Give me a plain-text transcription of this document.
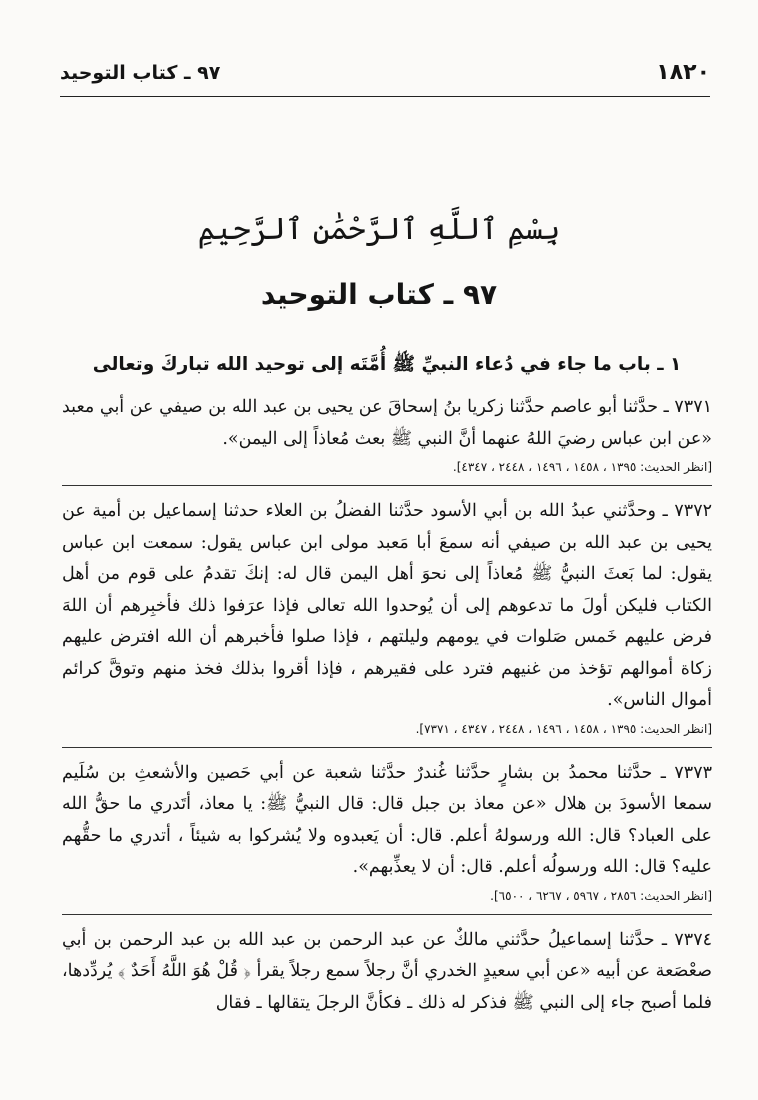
١٨٢٠
٩٧ ـ كتاب التوحيد
بِسْمِ ٱللَّهِ ٱلرَّحْمَٰنِ ٱلرَّحِيمِ
٩٧ ـ كتاب التوحيد
١ ـ باب ما جاء في دُعاء النبيِّ ﷺ أُمَّتَه إلى توحيد الله تباركَ وتعالى

٧٣٧١ ـ حدَّثنا أبو عاصم حدَّثنا زكريا بنُ إسحاقَ عن يحيى بن عبد الله بن صيفي عن أبي معبد «عن ابن عباس رضيَ اللهُ عنهما أنَّ النبي ﷺ بعث مُعاذاً إلى اليمن».

[انظر الحديث: ١٣٩٥ ، ١٤٥٨ ، ١٤٩٦ ، ٢٤٤٨ ، ٤٣٤٧].

٧٣٧٢ ـ وحدَّثني عبدُ الله بن أبي الأسود حدَّثنا الفضلُ بن العلاء حدثنا إسماعيل بن أمية عن يحيى بن عبد الله بن صيفي أنه سمعَ أبا مَعبد مولى ابن عباس يقول: سمعت ابن عباس يقول: لما بَعثَ النبيُّ ﷺ مُعاذاً إلى نحوَ أهل اليمن قال له: إنكَ تقدمُ على قوم من أهل الكتاب فليكن أولَ ما تدعوهم إلى أن يُوحدوا الله تعالى فإذا عرَفوا ذلك فأخبِرهم أن اللهَ فرض عليهم خَمس صَلوات في يومهم وليلتهم ، فإذا صلوا فأخبرهم أن الله افترض عليهم زكاة أموالهم تؤخذ من غنيهم فترد على فقيرهم ، فإذا أقروا بذلك فخذ منهم وتوقَّ كرائم أموال الناس».

[انظر الحديث: ١٣٩٥ ، ١٤٥٨ ، ١٤٩٦ ، ٢٤٤٨ ، ٤٣٤٧ ، ٧٣٧١].

٧٣٧٣ ـ حدَّثنا محمدُ بن بشارٍ حدَّثنا غُندرٌ حدَّثنا شعبة عن أبي حَصين والأشعثِ بن سُلَيم سمعا الأسودَ بن هلال «عن معاذ بن جبل قال: قال النبيُّ ﷺ: يا معاذ، أتَدري ما حقُّ الله على العباد؟ قال: الله ورسولهُ أعلم. قال: أن يَعبدوه ولا يُشركوا به شيئاً ، أتدري ما حقُّهم عليه؟ قال: الله ورسولُه أعلم. قال: أن لا يعذِّبهم».

[انظر الحديث: ٢٨٥٦ ، ٥٩٦٧ ، ٦٢٦٧ ، ٦٥٠٠].

٧٣٧٤ ـ حدَّثنا إسماعيلُ حدَّثني مالكٌ عن عبد الرحمن بن عبد الله بن عبد الرحمن بن أبي صعْصَعة عن أبيه «عن أبي سعيدٍ الخدري أنَّ رجلاً سمع رجلاً يقرأ ﴿ قُلْ هُوَ اللَّهُ أَحَدٌ ﴾ يُردِّدها، فلما أصبح جاء إلى النبي ﷺ فذكر له ذلك ـ فكأنَّ الرجلَ يتقالها ـ فقال
